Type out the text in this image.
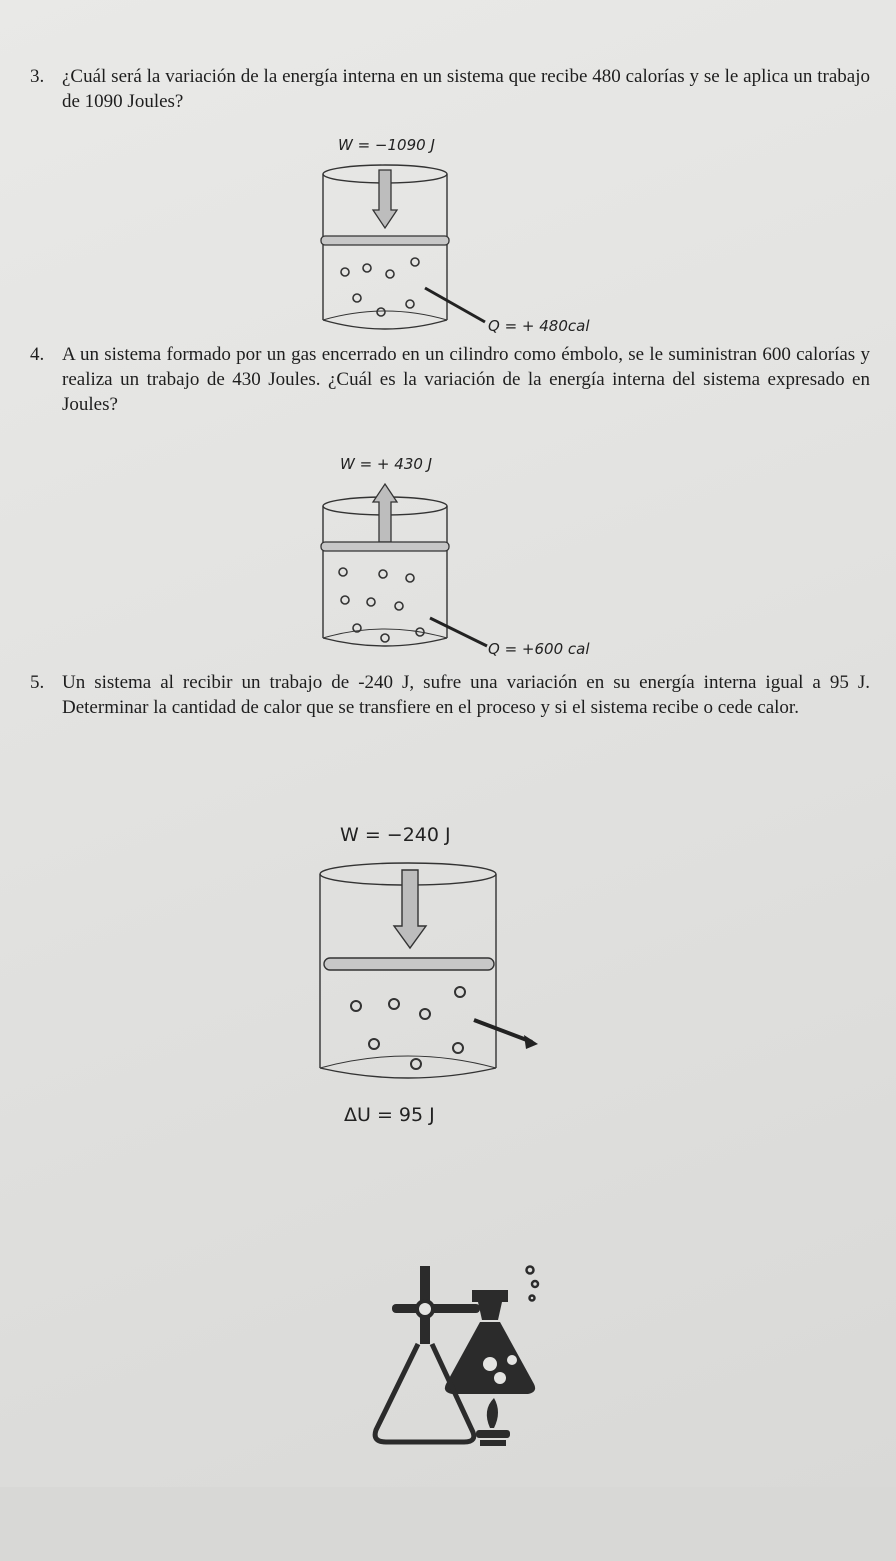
3. ¿Cuál será la variación de la energía interna en un sistema que recibe 480 calorías y se le aplica un trabajo de 1090 Joules?
W = −1090 J
Q = + 480cal
4. A un sistema formado por un gas encerrado en un cilindro como émbolo, se le suministran 600 calorías y realiza un trabajo de 430 Joules. ¿Cuál es la variación de la energía interna del sistema expresado en Joules?
W = + 430 J
Q = +600 cal
5. Un sistema al recibir un trabajo de -240 J, sufre una variación en su energía interna igual a 95 J. Determinar la cantidad de calor que se transfiere en el proceso y si el sistema recibe o cede calor.
W = −240 J
ΔU = 95 J
